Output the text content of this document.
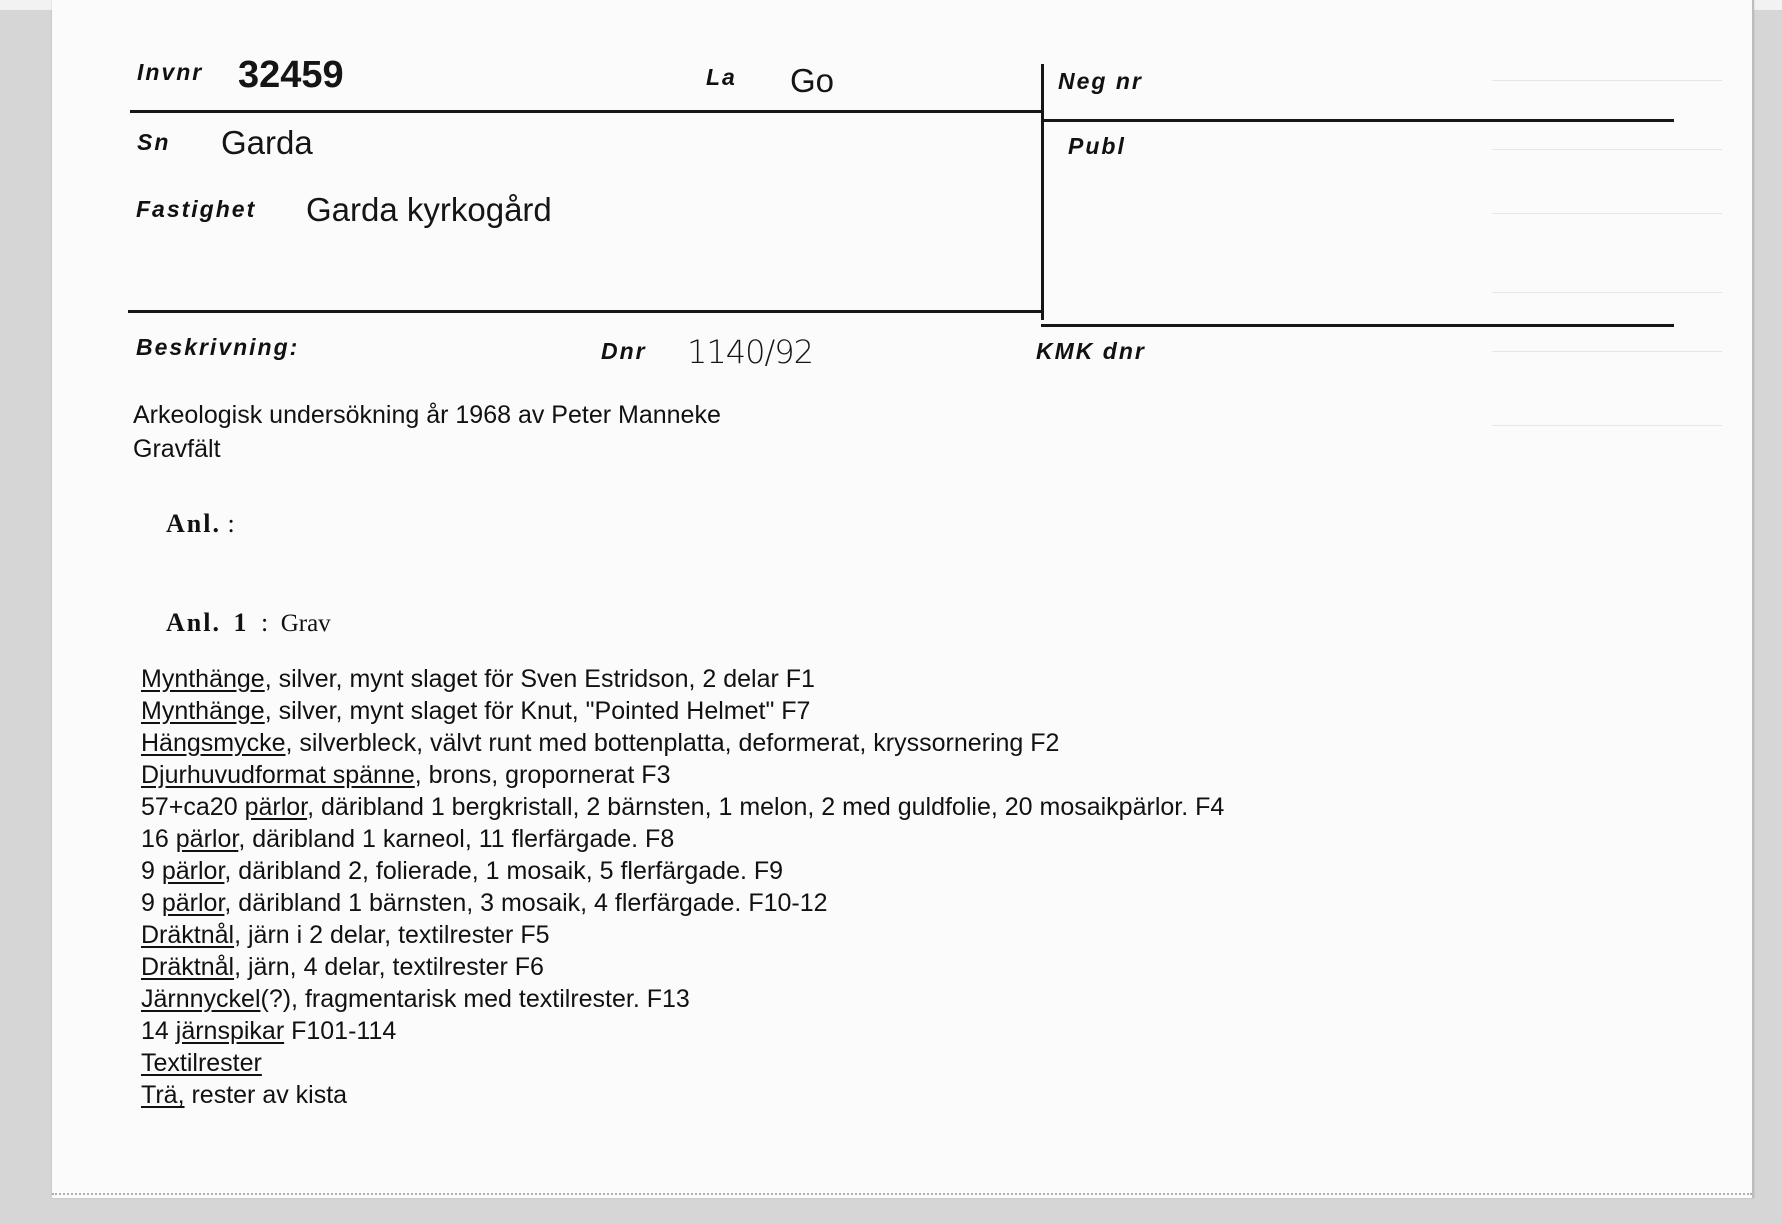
Invnr 32459	La Go	Neg nr
Sn Garda	Publ
Fastighet Garda kyrkogård
Beskrivning:	Dnr 1140/92	KMK dnr
Arkeologisk undersökning år 1968 av Peter Manneke
Gravfält
Anl. :
Anl. 1 : Grav
Mynthänge, silver, mynt slaget för Sven Estridson, 2 delar F1
Mynthänge, silver, mynt slaget för Knut, "Pointed Helmet" F7
Hängsmycke, silverbleck, välvt runt med bottenplatta, deformerat, kryssornering F2
Djurhuvudformat spänne, brons, gropornerat F3
57+ca20 pärlor, däribland 1 bergkristall, 2 bärnsten, 1 melon, 2 med guldfolie, 20 mosaikpärlor. F4
16 pärlor, däribland 1 karneol, 11 flerfärgade. F8
9 pärlor, däribland 2, folierade, 1 mosaik, 5 flerfärgade. F9
9 pärlor, däribland 1 bärnsten, 3 mosaik, 4 flerfärgade. F10-12
Dräktnål, järn i 2 delar, textilrester F5
Dräktnål, järn, 4 delar, textilrester F6
Järnnyckel(?), fragmentarisk med textilrester. F13
14 järnspikar F101-114
Textilrester
Trä, rester av kista
